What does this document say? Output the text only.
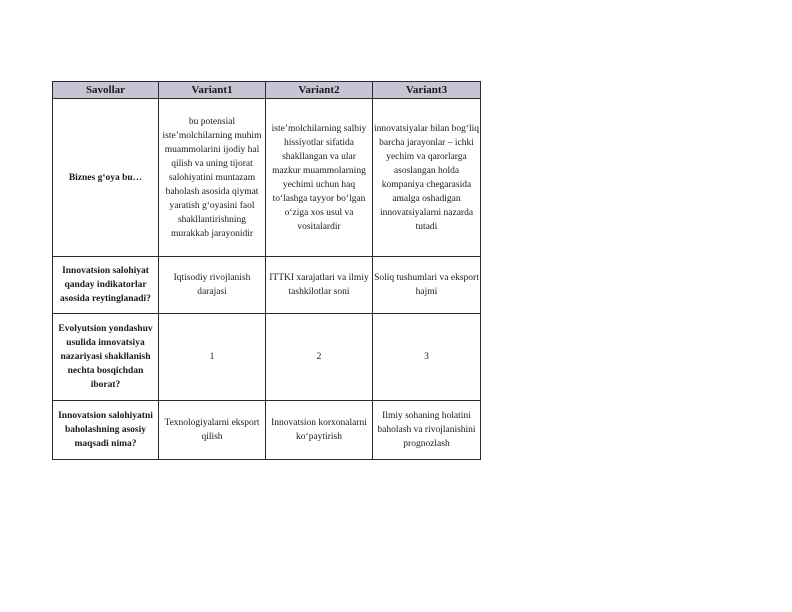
Savollar	Variant1	Variant2	Variant3
Biznes g‘oya bu…	bu potensial iste’molchilarning muhim muammolarini ijodiy hal qilish va uning tijorat salohiyatini muntazam baholash asosida qiymat yaratish g‘oyasini faol shakllantirishning murakkab jarayonidir	iste’molchilarning salbiy hissiyotlar sifatida shakllangan va ular mazkur muammolarning yechimi uchun haq to‘lashga tayyor bo‘lgan o‘ziga xos usul va vositalardir	innovatsiyalar bilan bog‘liq barcha jarayonlar – ichki yechim va qarorlarga asoslangan holda kompaniya chegarasida amalga oshadigan innovatsiyalarni nazarda tutadi
Innovatsion salohiyat qanday indikatorlar asosida reytinglanadi?	Iqtisodiy rivojlanish darajasi	ITTKI xarajatlari va ilmiy tashkilotlar soni	Soliq tushumlari va eksport hajmi
Evolyutsion yondashuv usulida innovatsiya nazariyasi shakllanish nechta bosqichdan iborat?	1	2	3
Innovatsion salohiyatni baholashning asosiy maqsadi nima?	Texnologiyalarni eksport qilish	Innovatsion korxonalarni ko‘paytirish	Ilmiy sohaning holatini baholash va rivojlanishini prognozlash
